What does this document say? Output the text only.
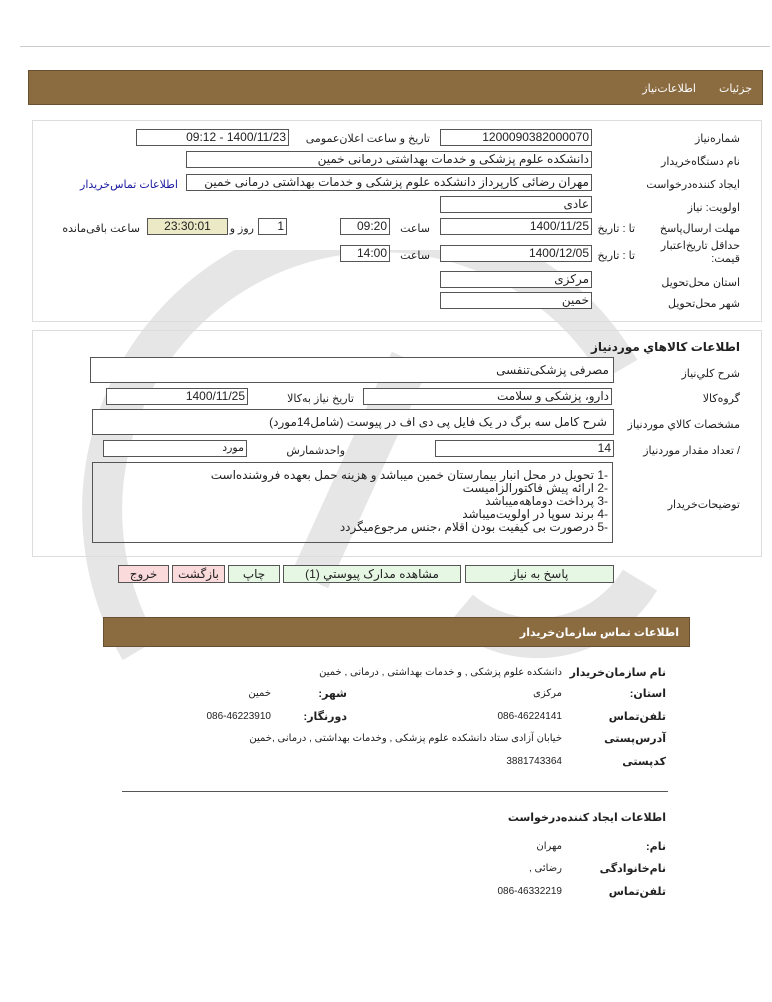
جزئیات
اطلاعات‌نیاز
شماره‌نیاز
1200090382000070
تاریخ و ساعت اعلان‌عمومی
1400/11/23 - 09:12
نام دستگاه‌خریدار
دانشکده علوم پزشکی و خدمات بهداشتی درمانی خمین
ایجاد کننده‌درخواست
مهران رضائی کارپرداز دانشکده علوم پزشکی و خدمات بهداشتی درمانی خمین
اطلاعات تماس‌خریدار
اولویت: نیاز
عادی
مهلت ارسال‌پاسخ
تا : تاریخ
1400/11/25
ساعت
09:20
1
روز و
23:30:01
ساعت باقی‌مانده
حداقل تاریخ‌اعتبار قیمت:
تا : تاریخ
1400/12/05
ساعت
14:00
استان محل‌تحویل
مرکزی
شهر محل‌تحویل
خمین
اطلاعات کالاهاي موردنیاز
شرح کلي‌نیاز
مصرفی پزشکی‌تنفسی
گروه‌کالا
دارو، پزشکی و سلامت
تاریخ نیاز به‌کالا
1400/11/25
مشخصات کالاي مورد‌نیاز
شرح کامل سه برگ در یک فایل پی دی اف در پیوست (شامل14مورد)
/ تعداد مقدار مورد‌نیاز
14
واحد‌شمارش
مورد
توضیحات‌خریدار
-1 تحویل در محل انبار بیمارستان خمین میباشد و هزینه حمل بعهده فروشنده‌است
-2 ارائه پیش فاکتورالزامیست
-3 پرداخت دوماهه‌میباشد
-4 برند سوپا در اولویت‌میباشد
-5 درصورت بی کیفیت بودن اقلام ،جنس مرجوع‌میگردد
پاسخ به نیاز
مشاهده مدارک پیوستي (1)
چاپ
بازگشت
خروج
اطلاعات تماس سازمان‌خریدار
نام سازمان‌خریدار
دانشکده علوم پزشکی , و خدمات بهداشتی , درمانی , خمین
استان:
مرکزی
شهر:
خمین
تلفن‌تماس
086-46224141
دورنگار:
086-46223910
آدرس‌پستی
خیابان آزادی ستاد دانشکده علوم پزشکی , وخدمات بهداشتی , درمانی ,خمین
کد‌پستی
3881743364
اطلاعات ایجاد کننده‌درخواست
نام:
مهران
نام‌خانوادگی
رضائی ,
تلفن‌تماس
086-46332219
